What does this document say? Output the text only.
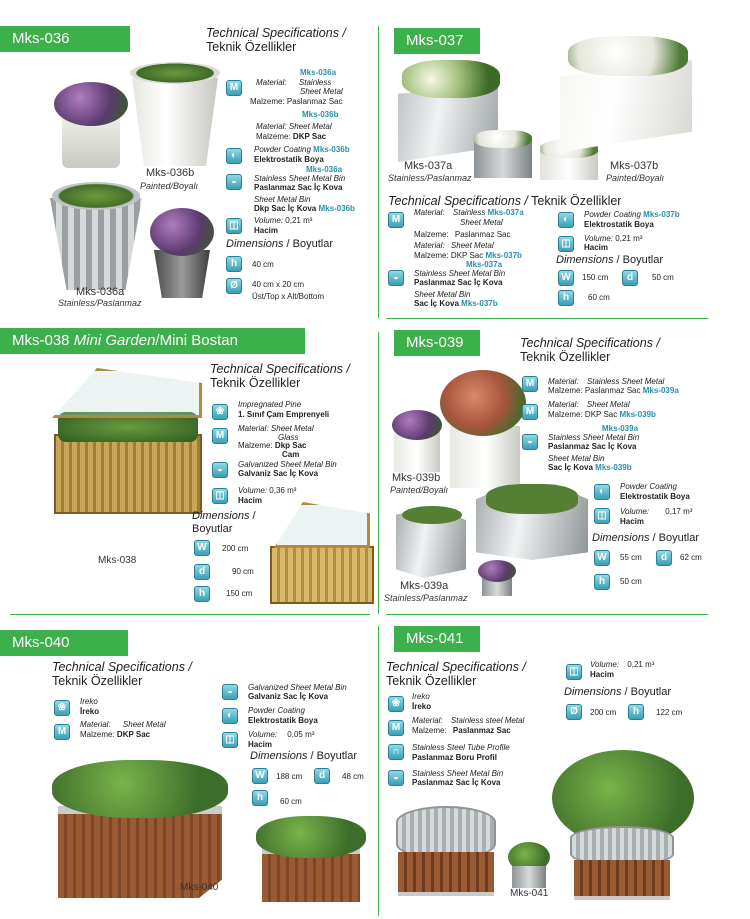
Mks-036	Technical Specifications /
Teknik Özellikler
Mks-036b
Painted/Boyalı
Mks-036a
Stainless/Paslanmaz
M
Mks-036a
Material: Stainless
Sheet Metal
Malzeme: Paslanmaz Sac
Mks-036b
Material: Sheet Metal
Malzeme: DKP Sac
◐
Powder Coating Mks-036b
Elektrostatik Boya
◒
Mks-036a
Stainless Sheet Metal Bin
Paslanmaz Sac İç Kova
Sheet Metal Bin
Dkp Sac İç Kova Mks-036b
◫	Volume: 0,21 m³
Hacim
Dimensions / Boyutlar
h	40 cm
Ø	40 cm x 20 cm
Üst/Top x Alt/Bottom
Mks-037
Mks-037a
Stainless/Paslanmaz
Mks-037b
Painted/Boyalı
Technical Specifications / Teknik Özellikler
M
Material: Stainless Mks-037a
Sheet Metal
Malzeme: Paslanmaz Sac
Material: Sheet Metal
Malzeme: DKP Sac Mks-037b
Mks-037a
◒	Stainless Sheet Metal Bin
Paslanmaz Sac İç Kova
Sheet Metal Bin
Sac İç Kova Mks-037b
◐	Powder Coating Mks-037b
Elektrostatik Boya
◫	Volume: 0,21 m³
Hacim
Dimensions / Boyutlar
W	150 cm	d	50 cm
h	60 cm
Mks-038 Mini Garden/Mini Bostan
Mks-038
Technical Specifications /
Teknik Özellikler
❀
Impregnated Pine
1. Sınıf Çam Emprenyeli
M
Material: Sheet Metal
Glass
Malzeme: Dkp Sac
Cam
◒	Galvanized Sheet Metal Bin
Galvaniz Sac İç Kova
◫	Volume: 0,36 m³
Hacim
Dimensions /
Boyutlar
W	200 cm
d	90 cm
h	150 cm
Mks-039	Technical Specifications /
Teknik Özellikler
Mks-039b
Painted/Boyalı
Mks-039a
Stainless/Paslanmaz
M	Material: Stainless Sheet Metal
Malzeme: Paslanmaz Sac Mks-039a
M
Material: Sheet Metal
Malzeme: DKP Sac Mks-039b
Mks-039a
◒	Stainless Sheet Metal Bin
Paslanmaz Sac İç Kova
Sheet Metal Bin
Sac İç Kova Mks-039b
◐	Powder Coating
Elektrostatik Boya
◫	Volume: 0,17 m³
Hacim
Dimensions / Boyutlar
W	55 cm	d	62 cm
h	50 cm
Mks-040
Technical Specifications /
Teknik Özellikler
❀
Ireko
İreko
M
Material: Sheet Metal
Malzeme: DKP Sac
◒	Galvanized Sheet Metal Bin
Galvaniz Sac İç Kova
◐	Powder Coating
Elektrostatik Boya
◫	Volume: 0,05 m³
Hacim
Dimensions / Boyutlar
W	188 cm	d	48 cm
h	60 cm
Mks-040
Mks-041
Technical Specifications /
Teknik Özellikler
❀
Ireko
İreko
M
Material: Stainless steel Metal
Malzeme: Paslanmaz Sac
∩	Stainless Steel Tube Profile
Paslanmaz Boru Profil
◒	Stainless Sheet Metal Bin
Paslanmaz Sac İç Kova
◫
Volume: 0,21 m³
Hacim
Dimensions / Boyutlar
Ø	200 cm	h	122 cm
Mks-041
